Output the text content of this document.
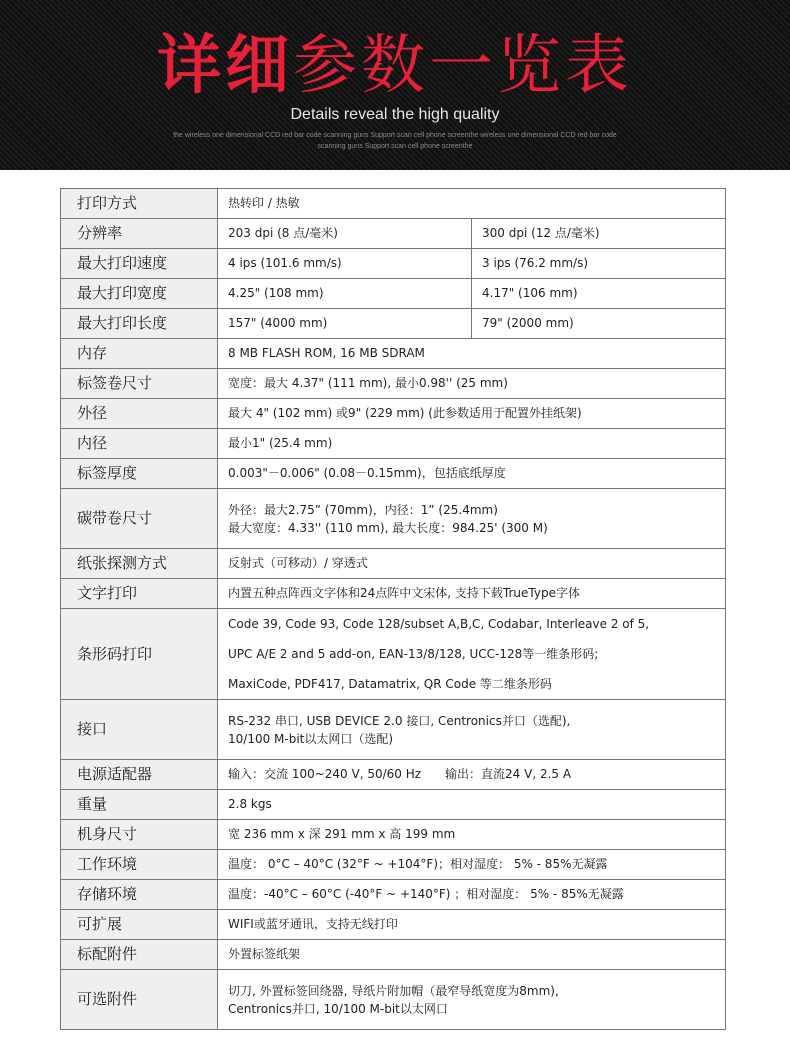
详细参数一览表
Details reveal the high quality
the wireless one dimensional CCD red bar code scanning guns Support scan cell phone screenthe wireless one dimensional CCD red bar code scanning guns Support scan cell phone screenthe
打印方式	热转印 / 热敏	
分辨率	203 dpi (8 点/毫米)	300 dpi (12 点/毫米)
最大打印速度	4 ips (101.6 mm/s)	3 ips (76.2 mm/s)
最大打印宽度	4.25" (108 mm)	4.17" (106 mm)
最大打印长度	157" (4000 mm)	79" (2000 mm)
内存	8 MB FLASH ROM, 16 MB SDRAM	
标签卷尺寸	宽度：最大 4.37" (111 mm), 最小0.98'' (25 mm)	
外径	最大 4" (102 mm) 或9" (229 mm) (此参数适用于配置外挂纸架)	
内径	最小1" (25.4 mm)	
标签厚度	0.003"－0.006" (0.08－0.15mm)，包括底纸厚度	
碳带卷尺寸	外径：最大2.75” (70mm)，内径：1” (25.4mm)
最大宽度：4.33'' (110 mm), 最大长度：984.25' (300 M)	

纸张探测方式	反射式（可移动）/ 穿透式	
文字打印	内置五种点阵西文字体和24点阵中文宋体, 支持下载TrueType字体	
条形码打印	Code 39, Code 93, Code 128/subset A,B,C, Codabar, Interleave 2 of 5,
UPC A/E 2 and 5 add-on, EAN-13/8/128, UCC-128等一维条形码;
MaxiCode, PDF417, Datamatrix, QR Code 等二维条形码	

接口	RS-232 串口, USB DEVICE 2.0 接口, Centronics并口（选配),
10/100 M-bit以太网口（选配)	

电源适配器	输入：交流 100~240 V, 50/60 Hz　　输出：直流24 V, 2.5 A	
重量	2.8 kgs	
机身尺寸	宽 236 mm x 深 291 mm x 高 199 mm	
工作环境	温度： 0°C – 40°C (32°F ~ +104°F)；相对湿度： 5% - 85%无凝露	
存储环境	温度：-40°C – 60°C (-40°F ~ +140°F) ；相对湿度： 5% - 85%无凝露	
可扩展	WIFI或蓝牙通讯，支持无线打印	
标配附件	外置标签纸架	
可选附件	切刀, 外置标签回绕器, 导纸片附加帽（最窄导纸宽度为8mm),
Centronics并口, 10/100 M-bit以太网口	
